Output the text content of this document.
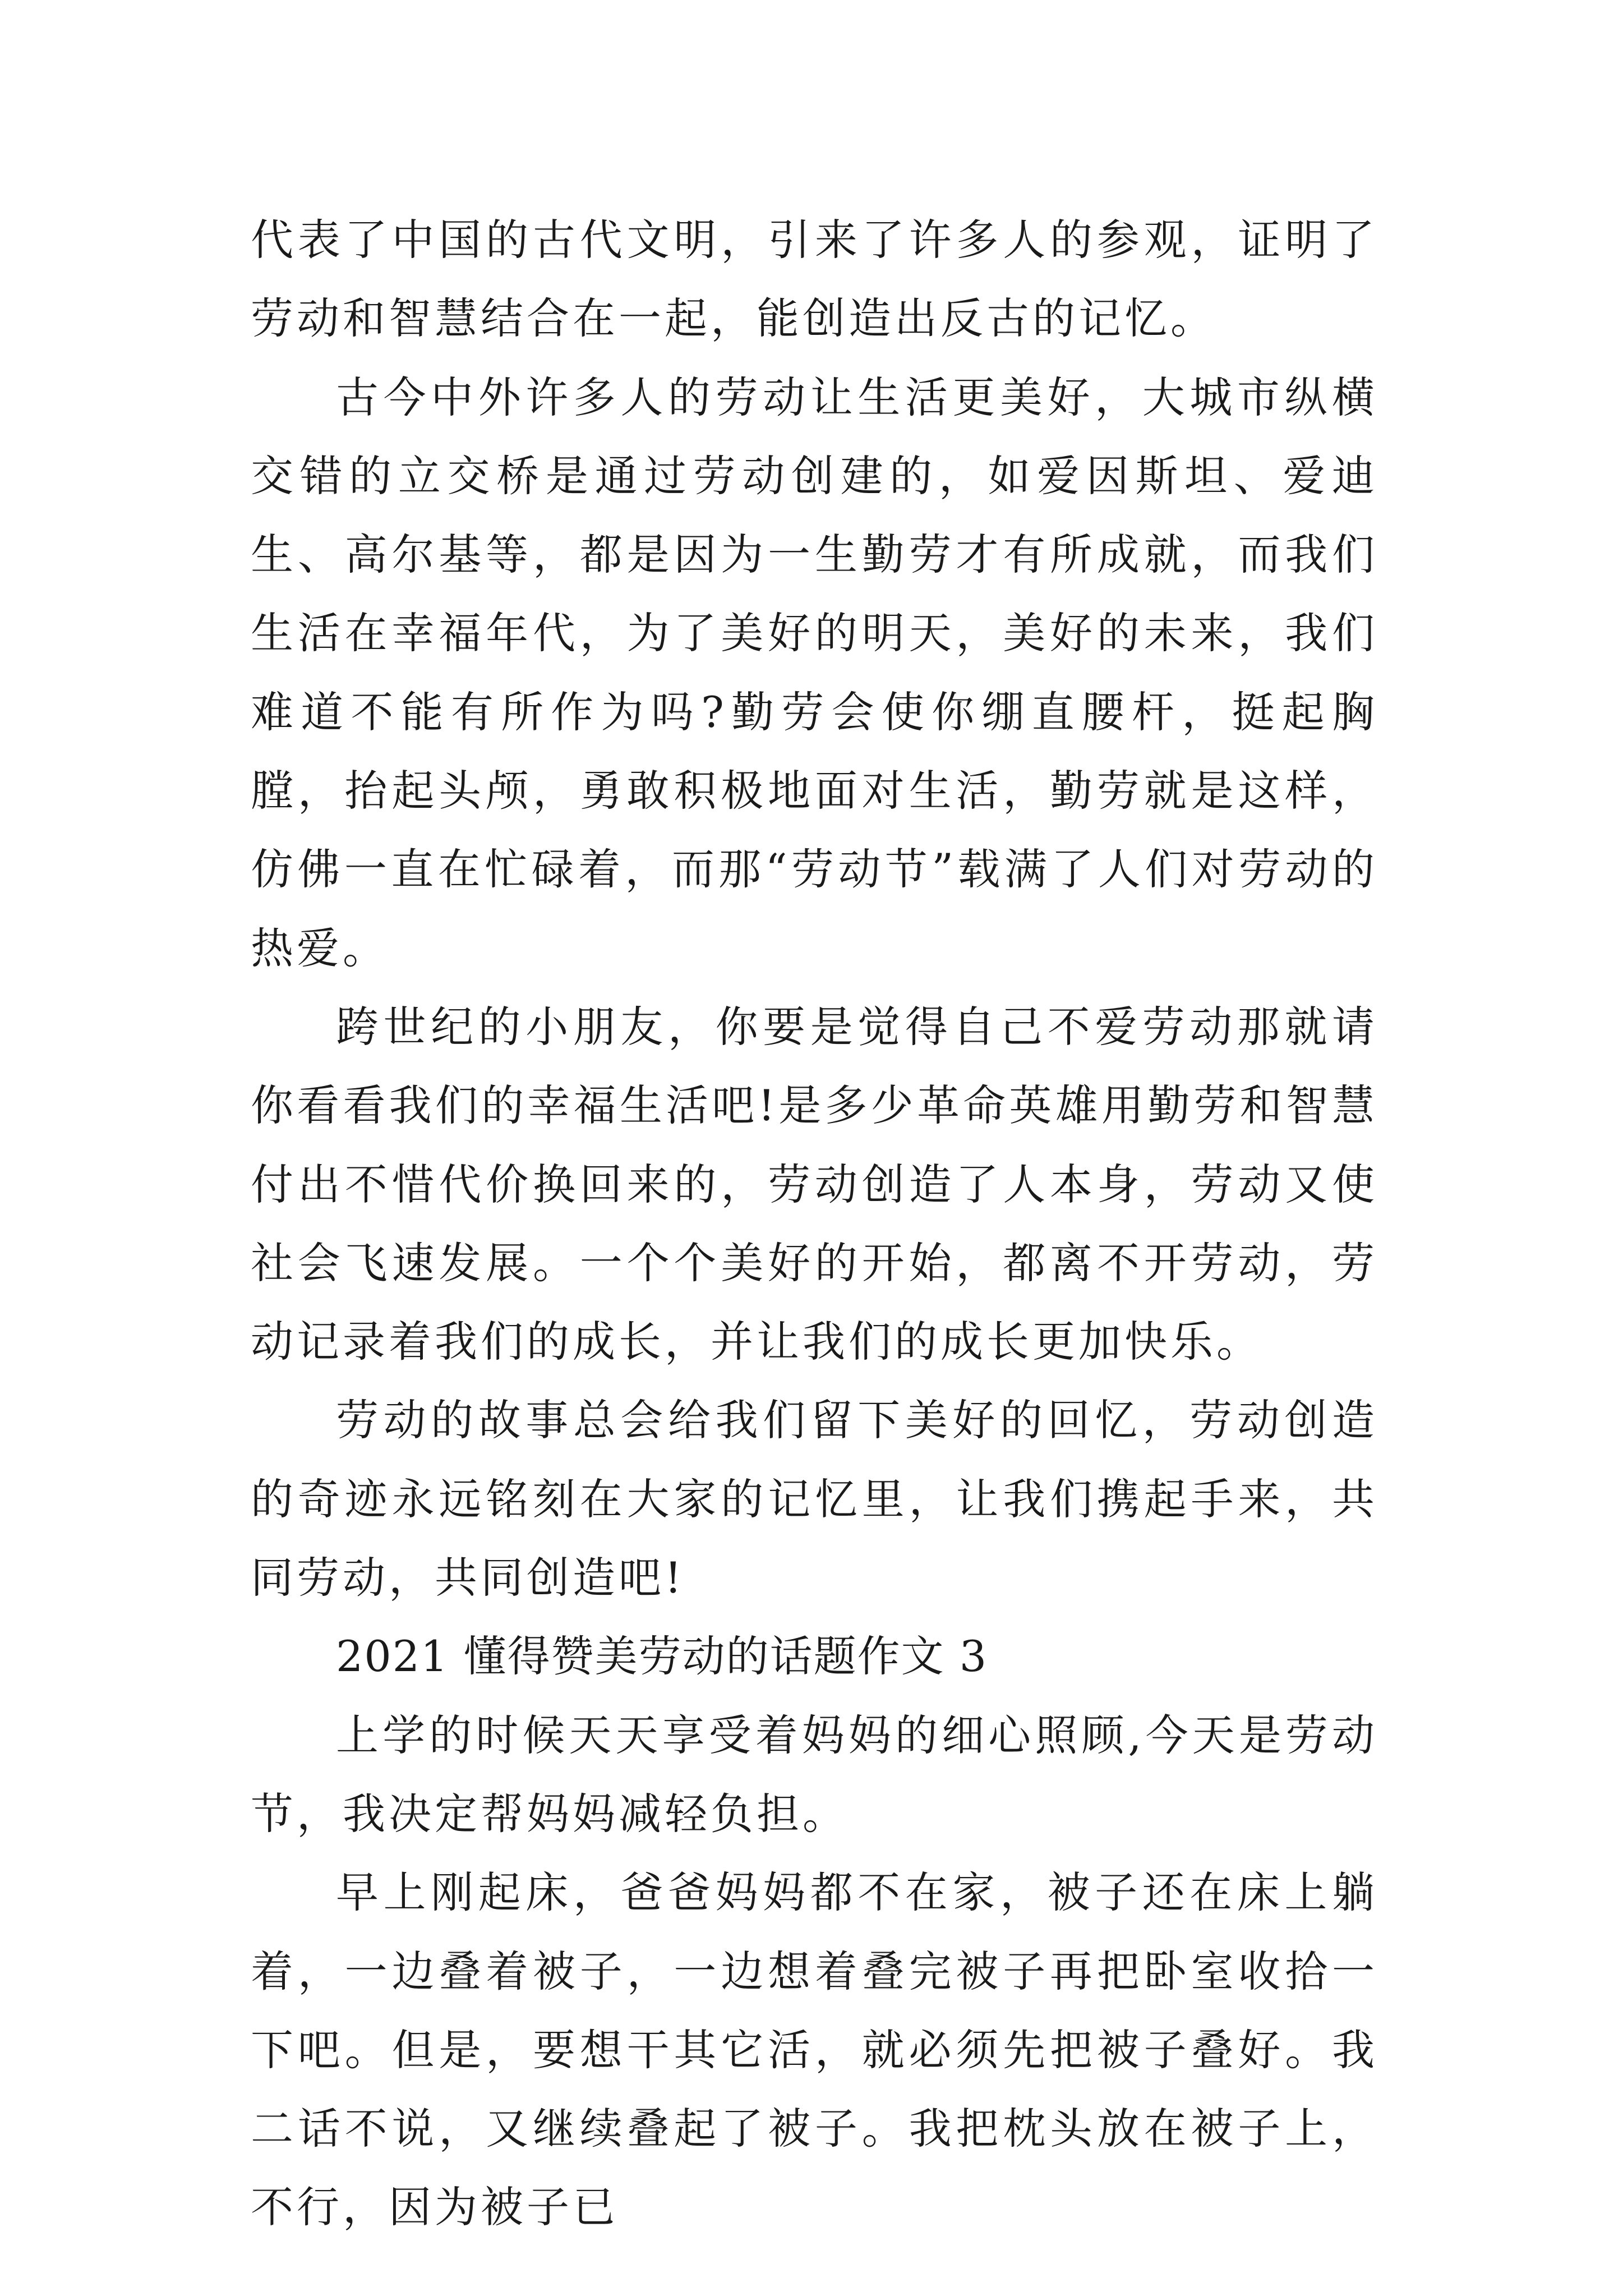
代表了中国的古代文明，引来了许多人的参观，证明了劳动和智慧结合在一起，能创造出反古的记忆。

古今中外许多人的劳动让生活更美好，大城市纵横交错的立交桥是通过劳动创建的，如爱因斯坦、爱迪生、高尔基等，都是因为一生勤劳才有所成就，而我们生活在幸福年代，为了美好的明天，美好的未来，我们难道不能有所作为吗?勤劳会使你绷直腰杆，挺起胸膛，抬起头颅，勇敢积极地面对生活，勤劳就是这样，仿佛一直在忙碌着，而那“劳动节”载满了人们对劳动的热爱。

跨世纪的小朋友，你要是觉得自己不爱劳动那就请你看看我们的幸福生活吧!是多少革命英雄用勤劳和智慧付出不惜代价换回来的，劳动创造了人本身，劳动又使社会飞速发展。一个个美好的开始，都离不开劳动，劳动记录着我们的成长，并让我们的成长更加快乐。

劳动的故事总会给我们留下美好的回忆，劳动创造的奇迹永远铭刻在大家的记忆里，让我们携起手来，共同劳动，共同创造吧!

2021 懂得赞美劳动的话题作文 3

上学的时候天天享受着妈妈的细心照顾,今天是劳动节，我决定帮妈妈减轻负担。

早上刚起床，爸爸妈妈都不在家，被子还在床上躺着，一边叠着被子，一边想着叠完被子再把卧室收拾一下吧。但是，要想干其它活，就必须先把被子叠好。我二话不说，又继续叠起了被子。我把枕头放在被子上，不行，因为被子已
